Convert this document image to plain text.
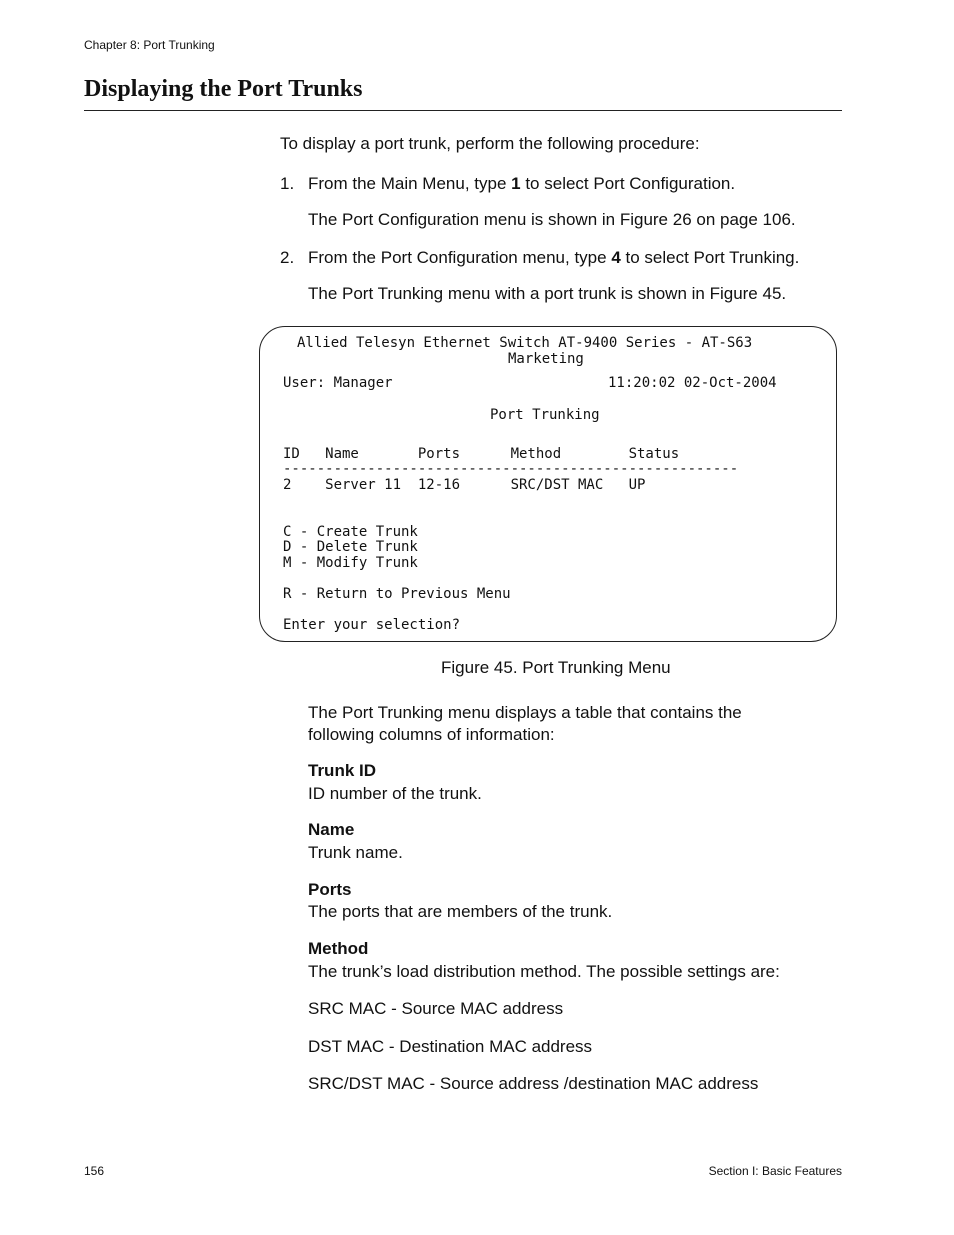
Chapter 8: Port Trunking
Displaying the Port Trunks
To display a port trunk, perform the following procedure:
1. From the Main Menu, type 1 to select Port Configuration.
The Port Configuration menu is shown in Figure 26 on page 106.
2. From the Port Configuration menu, type 4 to select Port Trunking.
The Port Trunking menu with a port trunk is shown in Figure 45.
Allied Telesyn Ethernet Switch AT-9400 Series - AT-S63
Marketing
User: Manager	11:20:02 02-Oct-2004
Port Trunking
ID   Name       Ports      Method        Status
------------------------------------------------------
2    Server 11  12-16      SRC/DST MAC   UP
C - Create Trunk
D - Delete Trunk
M - Modify Trunk
R - Return to Previous Menu
Enter your selection?
Figure 45. Port Trunking Menu
The Port Trunking menu displays a table that contains the
following columns of information:
Trunk ID
ID number of the trunk.
Name
Trunk name.
Ports
The ports that are members of the trunk.
Method
The trunk’s load distribution method. The possible settings are:
SRC MAC - Source MAC address
DST MAC - Destination MAC address
SRC/DST MAC - Source address /destination MAC address
156	Section I: Basic Features
